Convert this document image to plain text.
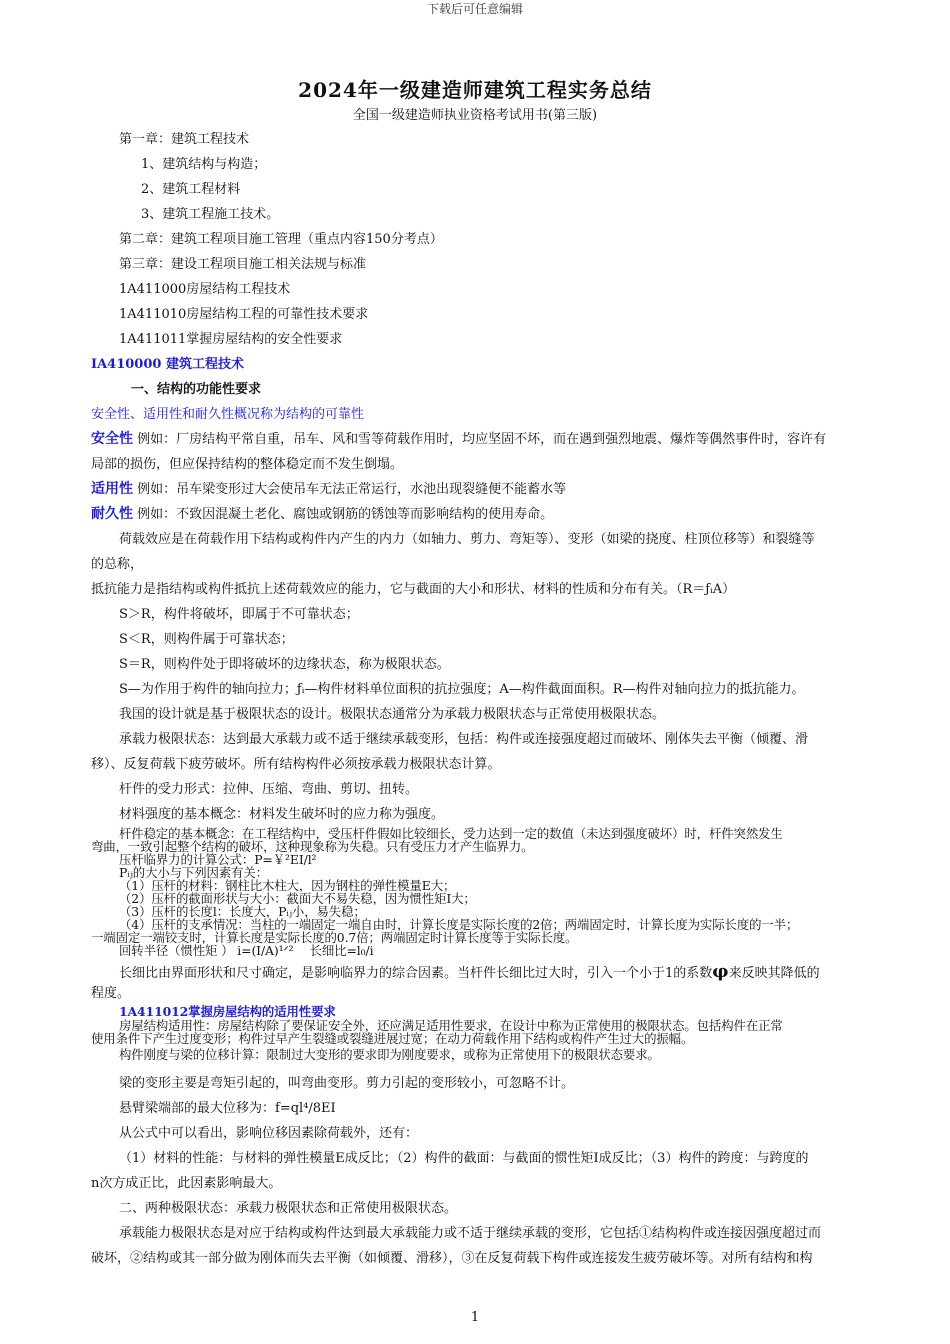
下载后可任意编辑
2024年一级建造师建筑工程实务总结
全国一级建造师执业资格考试用书(第三版)
第一章：建筑工程技术
1、建筑结构与构造；
2、建筑工程材料
3、建筑工程施工技术。
第二章：建筑工程项目施工管理（重点内容150分考点）
第三章：建设工程项目施工相关法规与标准
1A411000房屋结构工程技术
1A411010房屋结构工程的可靠性技术要求
1A411011掌握房屋结构的安全性要求
IA410000 建筑工程技术
一、结构的功能性要求
安全性、适用性和耐久性概况称为结构的可靠性
安全性 例如：厂房结构平常自重，吊车、风和雪等荷载作用时，均应坚固不坏，而在遇到强烈地震、爆炸等偶然事件时，容许有
局部的损伤，但应保持结构的整体稳定而不发生倒塌。
适用性 例如：吊车梁变形过大会使吊车无法正常运行，水池出现裂缝便不能蓄水等
耐久性 例如：不致因混凝土老化、腐蚀或钢筋的锈蚀等而影响结构的使用寿命。
荷载效应是在荷载作用下结构或构件内产生的内力（如轴力、剪力、弯矩等）、变形（如梁的挠度、柱顶位移等）和裂缝等
的总称，
抵抗能力是指结构或构件抵抗上述荷载效应的能力，它与截面的大小和形状、材料的性质和分布有关。（R＝ƒᵢA）
S＞R，构件将破坏，即属于不可靠状态；
S＜R，则构件属于可靠状态；
S＝R，则构件处于即将破坏的边缘状态，称为极限状态。
S—为作用于构件的轴向拉力；ƒᵢ—构件材料单位面积的抗拉强度；A—构件截面面积。R—构件对轴向拉力的抵抗能力。
我国的设计就是基于极限状态的设计。极限状态通常分为承载力极限状态与正常使用极限状态。
承载力极限状态：达到最大承载力或不适于继续承载变形，包括：构件或连接强度超过而破坏、刚体失去平衡（倾覆、滑
移）、反复荷载下疲劳破坏。所有结构构件必须按承载力极限状态计算。
杆件的受力形式：拉伸、压缩、弯曲、剪切、扭转。
材料强度的基本概念：材料发生破坏时的应力称为强度。
杆件稳定的基本概念：在工程结构中，受压杆件假如比较细长，受力达到一定的数值（未达到强度破坏）时，杆件突然发生
弯曲，一致引起整个结构的破坏，这种现象称为失稳。只有受压力才产生临界力。
压杆临界力的计算公式：P=￥²EI/l²
Pᵢⱼ的大小与下列因素有关：
（1）压杆的材料：钢柱比木柱大，因为钢柱的弹性模量E大；
（2）压杆的截面形状与大小：截面大不易失稳，因为惯性矩I大；
（3）压杆的长度l：长度大，Pᵢⱼ小，易失稳；
（4）压杆的支承情况：当柱的一端固定一端自由时，计算长度是实际长度的2倍；两端固定时，计算长度为实际长度的一半；
一端固定一端铰支时，计算长度是实际长度的0.7倍；两端固定时计算长度等于实际长度。
回转半径（惯性矩 ） i=(I/A)¹ᐟ²　 长细比=l₀/i
长细比由界面形状和尺寸确定，是影响临界力的综合因素。当杆件长细比过大时，引入一个小于1的系数φ来反映其降低的
程度。
1A411012掌握房屋结构的适用性要求
房屋结构适用性：房屋结构除了要保证安全外，还应满足适用性要求，在设计中称为正常使用的极限状态。包括构件在正常
使用条件下产生过度变形；构件过早产生裂缝或裂缝进展过宽；在动力荷载作用下结构或构件产生过大的振幅。
构件刚度与梁的位移计算：限制过大变形的要求即为刚度要求，或称为正常使用下的极限状态要求。
梁的变形主要是弯矩引起的，叫弯曲变形。剪力引起的变形较小，可忽略不计。
悬臂梁端部的最大位移为：f=ql⁴/8EI
从公式中可以看出，影响位移因素除荷载外，还有：
（1）材料的性能：与材料的弹性模量E成反比；（2）构件的截面：与截面的惯性矩I成反比；（3）构件的跨度：与跨度的
n次方成正比，此因素影响最大。
二、两种极限状态：承载力极限状态和正常使用极限状态。
承载能力极限状态是对应于结构或构件达到最大承载能力或不适于继续承载的变形，它包括①结构构件或连接因强度超过而
破坏，②结构或其一部分做为刚体而失去平衡（如倾覆、滑移），③在反复荷载下构件或连接发生疲劳破坏等。对所有结构和构
1
